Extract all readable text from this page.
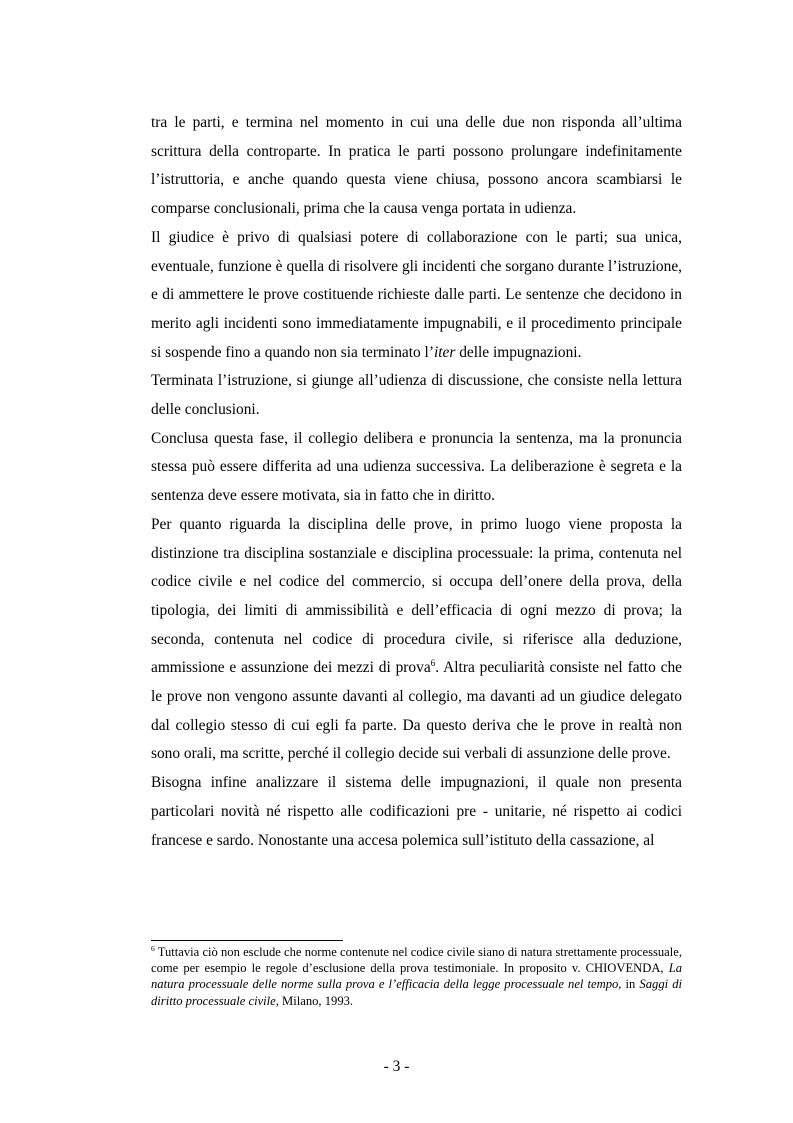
tra le parti, e termina nel momento in cui una delle due non risponda all’ultima scrittura della controparte. In pratica le parti possono prolungare indefinitamente l’istruttoria, e anche quando questa viene chiusa, possono ancora scambiarsi le comparse conclusionali, prima che la causa venga portata in udienza.

Il giudice è privo di qualsiasi potere di collaborazione con le parti; sua unica, eventuale, funzione è quella di risolvere gli incidenti che sorgano durante l’istruzione, e di ammettere le prove costituende richieste dalle parti. Le sentenze che decidono in merito agli incidenti sono immediatamente impugnabili, e il procedimento principale si sospende fino a quando non sia terminato l’iter delle impugnazioni.

Terminata l’istruzione, si giunge all’udienza di discussione, che consiste nella lettura delle conclusioni.

Conclusa questa fase, il collegio delibera e pronuncia la sentenza, ma la pronuncia stessa può essere differita ad una udienza successiva. La deliberazione è segreta e la sentenza deve essere motivata, sia in fatto che in diritto.

Per quanto riguarda la disciplina delle prove, in primo luogo viene proposta la distinzione tra disciplina sostanziale e disciplina processuale: la prima, contenuta nel codice civile e nel codice del commercio, si occupa dell’onere della prova, della tipologia, dei limiti di ammissibilità e dell’efficacia di ogni mezzo di prova; la seconda, contenuta nel codice di procedura civile, si riferisce alla deduzione, ammissione e assunzione dei mezzi di prova$^6$. Altra peculiarità consiste nel fatto che le prove non vengono assunte davanti al collegio, ma davanti ad un giudice delegato dal collegio stesso di cui egli fa parte. Da questo deriva che le prove in realtà non sono orali, ma scritte, perché il collegio decide sui verbali di assunzione delle prove.

Bisogna infine analizzare il sistema delle impugnazioni, il quale non presenta particolari novità né rispetto alle codificazioni pre - unitarie, né rispetto ai codici francese e sardo. Nonostante una accesa polemica sull’istituto della cassazione, al

$^6$ Tuttavia ciò non esclude che norme contenute nel codice civile siano di natura strettamente processuale, come per esempio le regole d’esclusione della prova testimoniale. In proposito v. CHIOVENDA, La natura processuale delle norme sulla prova e l’efficacia della legge processuale nel tempo, in Saggi di diritto processuale civile, Milano, 1993.

- 3 -
